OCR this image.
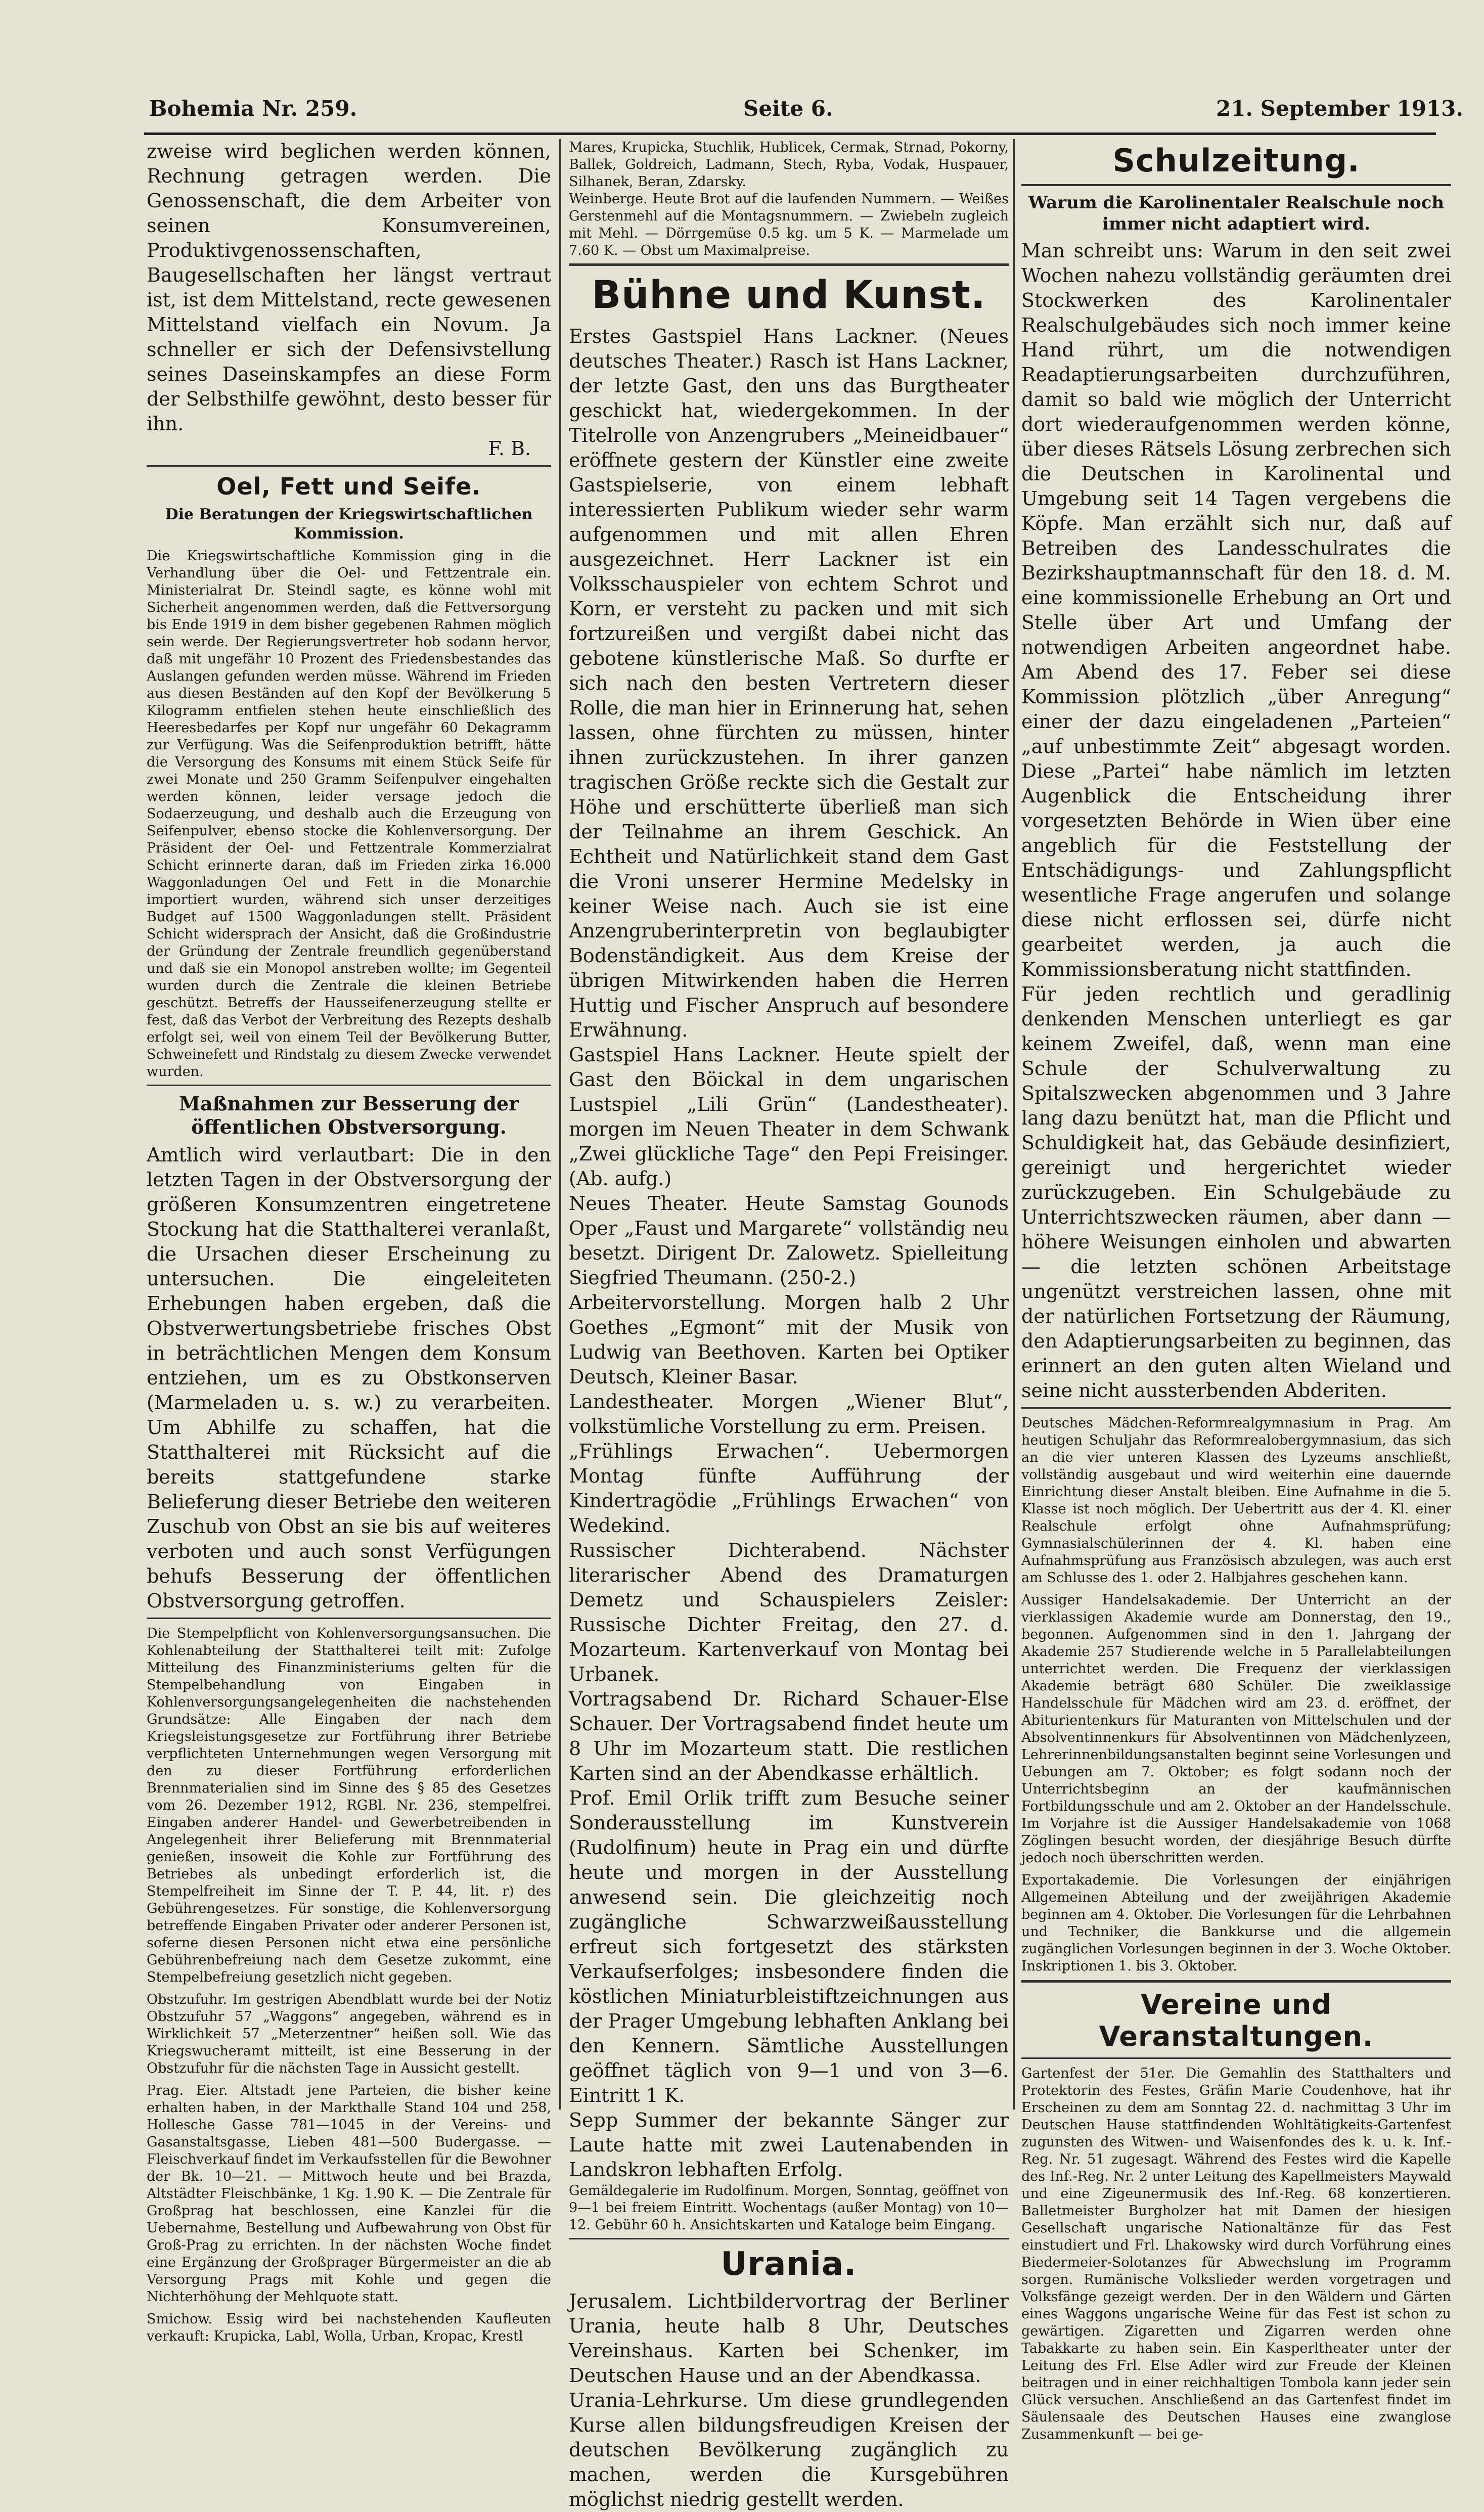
Bohemia Nr. 259.	Seite 6.	21. September 1913.

zweise wird beglichen werden können, Rechnung getragen werden. Die Genossenschaft, die dem Arbeiter von seinen Konsumvereinen, Produktivgenossenschaften, Baugesellschaften her längst vertraut ist, ist dem Mittelstand, recte gewesenen Mittelstand vielfach ein Novum. Ja schneller er sich der Defensivstellung seines Daseinskampfes an diese Form der Selbsthilfe gewöhnt, desto besser für ihn.

F. B.

Oel, Fett und Seife.
Die Beratungen der Kriegswirtschaftlichen Kommission.

Die Kriegswirtschaftliche Kommission ging in die Verhandlung über die Oel- und Fettzentrale ein. Ministerialrat Dr. Steindl sagte, es könne wohl mit Sicherheit angenommen werden, daß die Fettversorgung bis Ende 1919 in dem bisher gegebenen Rahmen möglich sein werde. Der Regierungsvertreter hob sodann hervor, daß mit ungefähr 10 Prozent des Friedensbestandes das Auslangen gefunden werden müsse. Während im Frieden aus diesen Beständen auf den Kopf der Bevölkerung 5 Kilogramm entfielen stehen heute einschließlich des Heeresbedarfes per Kopf nur ungefähr 60 Dekagramm zur Verfügung. Was die Seifenproduktion betrifft, hätte die Versorgung des Konsums mit einem Stück Seife für zwei Monate und 250 Gramm Seifenpulver eingehalten werden können, leider versage jedoch die Sodaerzeugung, und deshalb auch die Erzeugung von Seifenpulver, ebenso stocke die Kohlenversorgung. Der Präsident der Oel- und Fettzentrale Kommerzialrat Schicht erinnerte daran, daß im Frieden zirka 16.000 Waggonladungen Oel und Fett in die Monarchie importiert wurden, während sich unser derzeitiges Budget auf 1500 Waggonladungen stellt. Präsident Schicht widersprach der Ansicht, daß die Großindustrie der Gründung der Zentrale freundlich gegenüberstand und daß sie ein Monopol anstreben wollte; im Gegenteil wurden durch die Zentrale die kleinen Betriebe geschützt. Betreffs der Hausseifenerzeugung stellte er fest, daß das Verbot der Verbreitung des Rezepts deshalb erfolgt sei, weil von einem Teil der Bevölkerung Butter, Schweinefett und Rindstalg zu diesem Zwecke verwendet wurden.

Maßnahmen zur Besserung der öffentlichen Obstversorgung.

Amtlich wird verlautbart: Die in den letzten Tagen in der Obstversorgung der größeren Konsumzentren eingetretene Stockung hat die Statthalterei veranlaßt, die Ursachen dieser Erscheinung zu untersuchen. Die eingeleiteten Erhebungen haben ergeben, daß die Obstverwertungsbetriebe frisches Obst in beträchtlichen Mengen dem Konsum entziehen, um es zu Obstkonserven (Marmeladen u. s. w.) zu verarbeiten. Um Abhilfe zu schaffen, hat die Statthalterei mit Rücksicht auf die bereits stattgefundene starke Belieferung dieser Betriebe den weiteren Zuschub von Obst an sie bis auf weiteres verboten und auch sonst Verfügungen behufs Besserung der öffentlichen Obstversorgung getroffen.

Die Stempelpflicht von Kohlenversorgungsansuchen. Die Kohlenabteilung der Statthalterei teilt mit: Zufolge Mitteilung des Finanzministeriums gelten für die Stempelbehandlung von Eingaben in Kohlenversorgungsangelegenheiten die nachstehenden Grundsätze: Alle Eingaben der nach dem Kriegsleistungsgesetze zur Fortführung ihrer Betriebe verpflichteten Unternehmungen wegen Versorgung mit den zu dieser Fortführung erforderlichen Brennmaterialien sind im Sinne des § 85 des Gesetzes vom 26. Dezember 1912, RGBl. Nr. 236, stempelfrei. Eingaben anderer Handel- und Gewerbetreibenden in Angelegenheit ihrer Belieferung mit Brennmaterial genießen, insoweit die Kohle zur Fortführung des Betriebes als unbedingt erforderlich ist, die Stempelfreiheit im Sinne der T. P. 44, lit. r) des Gebührengesetzes. Für sonstige, die Kohlenversorgung betreffende Eingaben Privater oder anderer Personen ist, soferne diesen Personen nicht etwa eine persönliche Gebührenbefreiung nach dem Gesetze zukommt, eine Stempelbefreiung gesetzlich nicht gegeben.

Obstzufuhr. Im gestrigen Abendblatt wurde bei der Notiz Obstzufuhr 57 „Waggons“ angegeben, während es in Wirklichkeit 57 „Meterzentner“ heißen soll. Wie das Kriegswucheramt mitteilt, ist eine Besserung in der Obstzufuhr für die nächsten Tage in Aussicht gestellt.

Prag. Eier. Altstadt jene Parteien, die bisher keine erhalten haben, in der Markthalle Stand 104 und 258, Hollesche Gasse 781—1045 in der Vereins- und Gasanstaltsgasse, Lieben 481—500 Budergasse. — Fleischverkauf findet im Verkaufsstellen für die Bewohner der Bk. 10—21. — Mittwoch heute und bei Brazda, Altstädter Fleischbänke, 1 Kg. 1.90 K. — Die Zentrale für Großprag hat beschlossen, eine Kanzlei für die Uebernahme, Bestellung und Aufbewahrung von Obst für Groß-Prag zu errichten. In der nächsten Woche findet eine Ergänzung der Großprager Bürgermeister an die ab Versorgung Prags mit Kohle und gegen die Nichterhöhung der Mehlquote statt.

Smichow. Essig wird bei nachstehenden Kaufleuten verkauft: Krupicka, Labl, Wolla, Urban, Kropac, Krestl

Mares, Krupicka, Stuchlik, Hublicek, Cermak, Strnad, Pokorny, Ballek, Goldreich, Ladmann, Stech, Ryba, Vodak, Huspauer, Silhanek, Beran, Zdarsky.

Weinberge. Heute Brot auf die laufenden Nummern. — Weißes Gerstenmehl auf die Montagsnummern. — Zwiebeln zugleich mit Mehl. — Dörrgemüse 0.5 kg. um 5 K. — Marmelade um 7.60 K. — Obst um Maximalpreise.

Bühne und Kunst.

Erstes Gastspiel Hans Lackner. (Neues deutsches Theater.) Rasch ist Hans Lackner, der letzte Gast, den uns das Burgtheater geschickt hat, wiedergekommen. In der Titelrolle von Anzengrubers „Meineidbauer“ eröffnete gestern der Künstler eine zweite Gastspielserie, von einem lebhaft interessierten Publikum wieder sehr warm aufgenommen und mit allen Ehren ausgezeichnet. Herr Lackner ist ein Volksschauspieler von echtem Schrot und Korn, er versteht zu packen und mit sich fortzureißen und vergißt dabei nicht das gebotene künstlerische Maß. So durfte er sich nach den besten Vertretern dieser Rolle, die man hier in Erinnerung hat, sehen lassen, ohne fürchten zu müssen, hinter ihnen zurückzustehen. In ihrer ganzen tragischen Größe reckte sich die Gestalt zur Höhe und erschütterte überließ man sich der Teilnahme an ihrem Geschick. An Echtheit und Natürlichkeit stand dem Gast die Vroni unserer Hermine Medelsky in keiner Weise nach. Auch sie ist eine Anzengruberinterpretin von beglaubigter Bodenständigkeit. Aus dem Kreise der übrigen Mitwirkenden haben die Herren Huttig und Fischer Anspruch auf besondere Erwähnung.

Gastspiel Hans Lackner. Heute spielt der Gast den Böickal in dem ungarischen Lustspiel „Lili Grün“ (Landestheater). morgen im Neuen Theater in dem Schwank „Zwei glückliche Tage“ den Pepi Freisinger. (Ab. aufg.)

Neues Theater. Heute Samstag Gounods Oper „Faust und Margarete“ vollständig neu besetzt. Dirigent Dr. Zalowetz. Spielleitung Siegfried Theumann. (250-2.)

Arbeitervorstellung. Morgen halb 2 Uhr Goethes „Egmont“ mit der Musik von Ludwig van Beethoven. Karten bei Optiker Deutsch, Kleiner Basar.

Landestheater. Morgen „Wiener Blut“, volkstümliche Vorstellung zu erm. Preisen.

„Frühlings Erwachen“. Uebermorgen Montag fünfte Aufführung der Kindertragödie „Frühlings Erwachen“ von Wedekind.

Russischer Dichterabend. Nächster literarischer Abend des Dramaturgen Demetz und Schauspielers Zeisler: Russische Dichter Freitag, den 27. d. Mozarteum. Kartenverkauf von Montag bei Urbanek.

Vortragsabend Dr. Richard Schauer-Else Schauer. Der Vortragsabend findet heute um 8 Uhr im Mozarteum statt. Die restlichen Karten sind an der Abendkasse erhältlich.

Prof. Emil Orlik trifft zum Besuche seiner Sonderausstellung im Kunstverein (Rudolfinum) heute in Prag ein und dürfte heute und morgen in der Ausstellung anwesend sein. Die gleichzeitig noch zugängliche Schwarzweißausstellung erfreut sich fortgesetzt des stärksten Verkaufserfolges; insbesondere finden die köstlichen Miniaturbleistiftzeichnungen aus der Prager Umgebung lebhaften Anklang bei den Kennern. Sämtliche Ausstellungen geöffnet täglich von 9—1 und von 3—6. Eintritt 1 K.

Sepp Summer der bekannte Sänger zur Laute hatte mit zwei Lautenabenden in Landskron lebhaften Erfolg.

Gemäldegalerie im Rudolfinum. Morgen, Sonntag, geöffnet von 9—1 bei freiem Eintritt. Wochentags (außer Montag) von 10—12. Gebühr 60 h. Ansichtskarten und Kataloge beim Eingang.

Urania.

Jerusalem. Lichtbildervortrag der Berliner Urania, heute halb 8 Uhr, Deutsches Vereinshaus. Karten bei Schenker, im Deutschen Hause und an der Abendkassa.

Urania-Lehrkurse. Um diese grundlegenden Kurse allen bildungsfreudigen Kreisen der deutschen Bevölkerung zugänglich zu machen, werden die Kursgebühren möglichst niedrig gestellt werden.

Schulzeitung.
Warum die Karolinentaler Realschule noch immer nicht adaptiert wird.

Man schreibt uns: Warum in den seit zwei Wochen nahezu vollständig geräumten drei Stockwerken des Karolinentaler Realschulgebäudes sich noch immer keine Hand rührt, um die notwendigen Readaptierungsarbeiten durchzuführen, damit so bald wie möglich der Unterricht dort wiederaufgenommen werden könne, über dieses Rätsels Lösung zerbrechen sich die Deutschen in Karolinental und Umgebung seit 14 Tagen vergebens die Köpfe. Man erzählt sich nur, daß auf Betreiben des Landesschulrates die Bezirkshauptmannschaft für den 18. d. M. eine kommissionelle Erhebung an Ort und Stelle über Art und Umfang der notwendigen Arbeiten angeordnet habe. Am Abend des 17. Feber sei diese Kommission plötzlich „über Anregung“ einer der dazu eingeladenen „Parteien“ „auf unbestimmte Zeit“ abgesagt worden. Diese „Partei“ habe nämlich im letzten Augenblick die Entscheidung ihrer vorgesetzten Behörde in Wien über eine angeblich für die Feststellung der Entschädigungs- und Zahlungspflicht wesentliche Frage angerufen und solange diese nicht erflossen sei, dürfe nicht gearbeitet werden, ja auch die Kommissionsberatung nicht stattfinden.

Für jeden rechtlich und geradlinig denkenden Menschen unterliegt es gar keinem Zweifel, daß, wenn man eine Schule der Schulverwaltung zu Spitalszwecken abgenommen und 3 Jahre lang dazu benützt hat, man die Pflicht und Schuldigkeit hat, das Gebäude desinfiziert, gereinigt und hergerichtet wieder zurückzugeben. Ein Schulgebäude zu Unterrichtszwecken räumen, aber dann — höhere Weisungen einholen und abwarten — die letzten schönen Arbeitstage ungenützt verstreichen lassen, ohne mit der natürlichen Fortsetzung der Räumung, den Adaptierungsarbeiten zu beginnen, das erinnert an den guten alten Wieland und seine nicht aussterbenden Abderiten.

Deutsches Mädchen-Reformrealgymnasium in Prag. Am heutigen Schuljahr das Reformrealobergymnasium, das sich an die vier unteren Klassen des Lyzeums anschließt, vollständig ausgebaut und wird weiterhin eine dauernde Einrichtung dieser Anstalt bleiben. Eine Aufnahme in die 5. Klasse ist noch möglich. Der Uebertritt aus der 4. Kl. einer Realschule erfolgt ohne Aufnahmsprüfung; Gymnasialschülerinnen der 4. Kl. haben eine Aufnahmsprüfung aus Französisch abzulegen, was auch erst am Schlusse des 1. oder 2. Halbjahres geschehen kann.

Aussiger Handelsakademie. Der Unterricht an der vierklassigen Akademie wurde am Donnerstag, den 19., begonnen. Aufgenommen sind in den 1. Jahrgang der Akademie 257 Studierende welche in 5 Parallelabteilungen unterrichtet werden. Die Frequenz der vierklassigen Akademie beträgt 680 Schüler. Die zweiklassige Handelsschule für Mädchen wird am 23. d. eröffnet, der Abiturientenkurs für Maturanten von Mittelschulen und der Absolventinnenkurs für Absolventinnen von Mädchenlyzeen, Lehrerinnenbildungsanstalten beginnt seine Vorlesungen und Uebungen am 7. Oktober; es folgt sodann noch der Unterrichtsbeginn an der kaufmännischen Fortbildungsschule und am 2. Oktober an der Handelsschule. Im Vorjahre ist die Aussiger Handelsakademie von 1068 Zöglingen besucht worden, der diesjährige Besuch dürfte jedoch noch überschritten werden.

Exportakademie. Die Vorlesungen der einjährigen Allgemeinen Abteilung und der zweijährigen Akademie beginnen am 4. Oktober. Die Vorlesungen für die Lehrbahnen und Techniker, die Bankkurse und die allgemein zugänglichen Vorlesungen beginnen in der 3. Woche Oktober. Inskriptionen 1. bis 3. Oktober.

Vereine und Veranstaltungen.

Gartenfest der 51er. Die Gemahlin des Statthalters und Protektorin des Festes, Gräfin Marie Coudenhove, hat ihr Erscheinen zu dem am Sonntag 22. d. nachmittag 3 Uhr im Deutschen Hause stattfindenden Wohltätigkeits-Gartenfest zugunsten des Witwen- und Waisenfondes des k. u. k. Inf.-Reg. Nr. 51 zugesagt. Während des Festes wird die Kapelle des Inf.-Reg. Nr. 2 unter Leitung des Kapellmeisters Maywald und eine Zigeunermusik des Inf.-Reg. 68 konzertieren. Balletmeister Burgholzer hat mit Damen der hiesigen Gesellschaft ungarische Nationaltänze für das Fest einstudiert und Frl. Lhakowsky wird durch Vorführung eines Biedermeier-Solotanzes für Abwechslung im Programm sorgen. Rumänische Volkslieder werden vorgetragen und Volksfänge gezeigt werden. Der in den Wäldern und Gärten eines Waggons ungarische Weine für das Fest ist schon zu gewärtigen. Zigaretten und Zigarren werden ohne Tabakkarte zu haben sein. Ein Kasperltheater unter der Leitung des Frl. Else Adler wird zur Freude der Kleinen beitragen und in einer reichhaltigen Tombola kann jeder sein Glück versuchen. Anschließend an das Gartenfest findet im Säulensaale des Deutschen Hauses eine zwanglose Zusammenkunft — bei ge-
